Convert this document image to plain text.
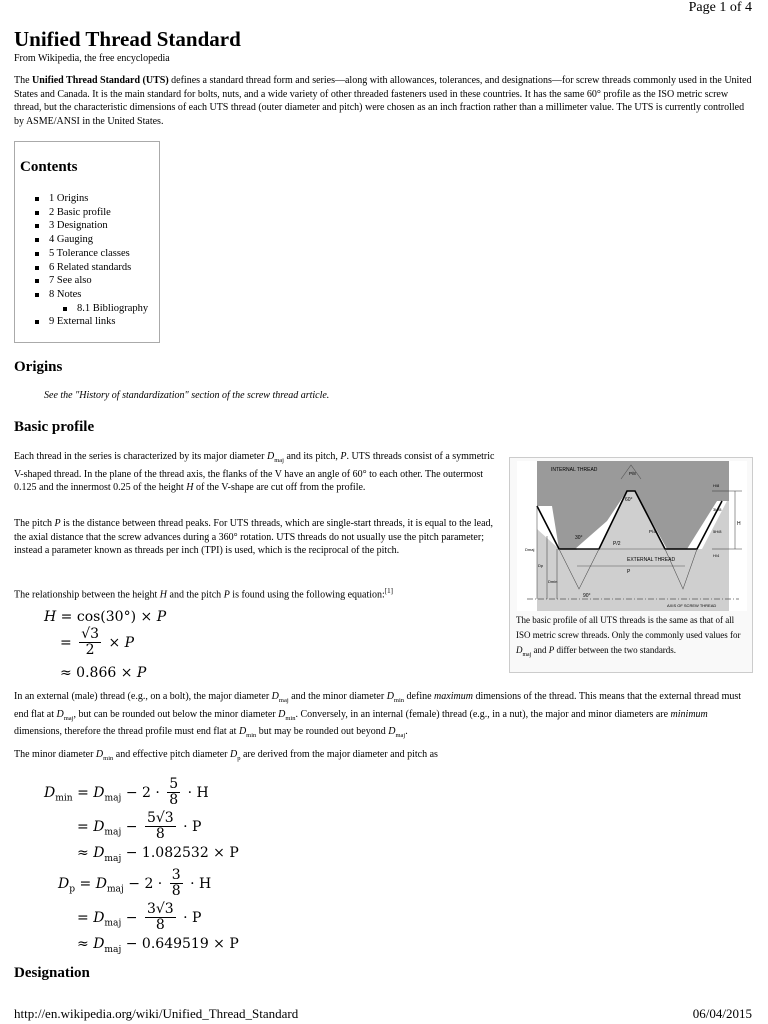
Page 1 of 4
Unified Thread Standard
From Wikipedia, the free encyclopedia

The Unified Thread Standard (UTS) defines a standard thread form and series—along with allowances, tolerances, and designations—for screw threads commonly used in the United States and Canada. It is the main standard for bolts, nuts, and a wide variety of other threaded fasteners used in these countries. It has the same 60° profile as the ISO metric screw thread, but the characteristic dimensions of each UTS thread (outer diameter and pitch) were chosen as an inch fraction rather than a millimeter value. The UTS is currently controlled by ASME/ANSI in the United States.

Contents
1 Origins
2 Basic profile
3 Designation
4 Gauging
5 Tolerance classes
6 Related standards
7 See also
8 Notes
8.1 Bibliography
9 External links
Origins
See the "History of standardization" section of the screw thread article.
Basic profile

Each thread in the series is characterized by its major diameter $D_{maj}$ and its pitch, P. UTS threads consist of a symmetric V-shaped thread. In the plane of the thread axis, the flanks of the V have an angle of 60° to each other. The outermost 0.125 and the innermost 0.25 of the height H of the V-shape are cut off from the profile.

The pitch P is the distance between thread peaks. For UTS threads, which are single-start threads, it is equal to the lead, the axial distance that the screw advances during a 360° rotation. UTS threads do not usually use the pitch parameter; instead a parameter known as threads per inch (TPI) is used, which is the reciprocal of the pitch.

The relationship between the height H and the pitch P is found using the following equation:[1]

H = cos(30°) × P
= $\frac{√3}{2} \times P$
≈ 0.866 × P
INTERNAL THREAD
EXTERNAL THREAD
AXIS OF SCREW THREAD
P/8
60°
30°
P/4
P/2
P
90°
H
H/8
H/4
3H/8
5H/8
Dmaj
Dp
Dmin
The basic profile of all UTS threads is the same as that of all ISO metric screw threads. Only the commonly used values for $D_{maj}$ and P differ between the two standards.

In an external (male) thread (e.g., on a bolt), the major diameter $D_{maj}$ and the minor diameter $D_{min}$ define maximum dimensions of the thread. This means that the external thread must end flat at $D_{maj}$, but can be rounded out below the minor diameter $D_{min}$. Conversely, in an internal (female) thread (e.g., in a nut), the major and minor diameters are minimum dimensions, therefore the thread profile must end flat at $D_{min}$ but may be rounded out beyond $D_{maj}$.

The minor diameter $D_{min}$ and effective pitch diameter $D_p$ are derived from the major diameter and pitch as

$D_{min} = D_{maj} - 2 \cdot \frac{5}{8} \cdot H$
= $D_{maj} - \frac{5√3}{8} \cdot P$
≈ $D_{maj} - 1.082532 \times P$
$D_p = D_{maj} - 2 \cdot \frac{3}{8} \cdot H$
= $D_{maj} - \frac{3√3}{8} \cdot P$
≈ $D_{maj} - 0.649519 \times P$
Designation
http://en.wikipedia.org/wiki/Unified_Thread_Standard	06/04/2015
